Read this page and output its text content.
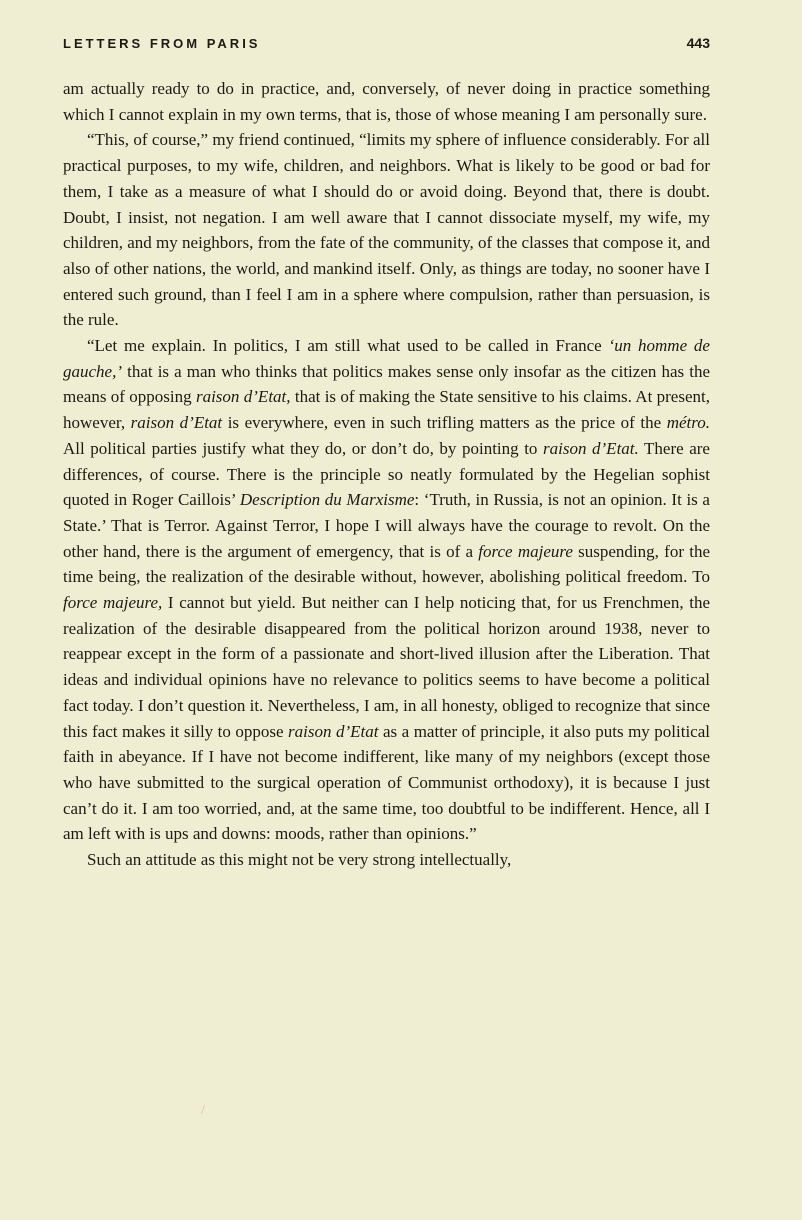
LETTERS FROM PARIS	443

am actually ready to do in practice, and, conversely, of never doing in practice something which I cannot explain in my own terms, that is, those of whose meaning I am personally sure.

“This, of course,” my friend continued, “limits my sphere of influence considerably. For all practical purposes, to my wife, children, and neighbors. What is likely to be good or bad for them, I take as a measure of what I should do or avoid doing. Beyond that, there is doubt. Doubt, I insist, not negation. I am well aware that I cannot dissociate myself, my wife, my children, and my neighbors, from the fate of the community, of the classes that compose it, and also of other nations, the world, and mankind itself. Only, as things are today, no sooner have I entered such ground, than I feel I am in a sphere where compulsion, rather than persuasion, is the rule.

“Let me explain. In politics, I am still what used to be called in France ‘un homme de gauche,’ that is a man who thinks that politics makes sense only insofar as the citizen has the means of opposing raison d’Etat, that is of making the State sensitive to his claims. At present, however, raison d’Etat is everywhere, even in such trifling matters as the price of the métro. All political parties justify what they do, or don’t do, by pointing to raison d’Etat. There are differences, of course. There is the principle so neatly formulated by the Hegelian sophist quoted in Roger Caillois’ Description du Marxisme: ‘Truth, in Russia, is not an opinion. It is a State.’ That is Terror. Against Terror, I hope I will always have the courage to revolt. On the other hand, there is the argument of emergency, that is of a force majeure suspending, for the time being, the realization of the desirable without, however, abolishing political freedom. To force majeure, I cannot but yield. But neither can I help noticing that, for us Frenchmen, the realization of the desirable disappeared from the political horizon around 1938, never to reappear except in the form of a passionate and short-lived illusion after the Liberation. That ideas and individual opinions have no relevance to politics seems to have become a political fact today. I don’t question it. Nevertheless, I am, in all honesty, obliged to recognize that since this fact makes it silly to oppose raison d’Etat as a matter of principle, it also puts my political faith in abeyance. If I have not become indifferent, like many of my neighbors (except those who have submitted to the surgical operation of Communist orthodoxy), it is because I just can’t do it. I am too worried, and, at the same time, too doubtful to be indifferent. Hence, all I am left with is ups and downs: moods, rather than opinions.”

Such an attitude as this might not be very strong intellectually,

/
